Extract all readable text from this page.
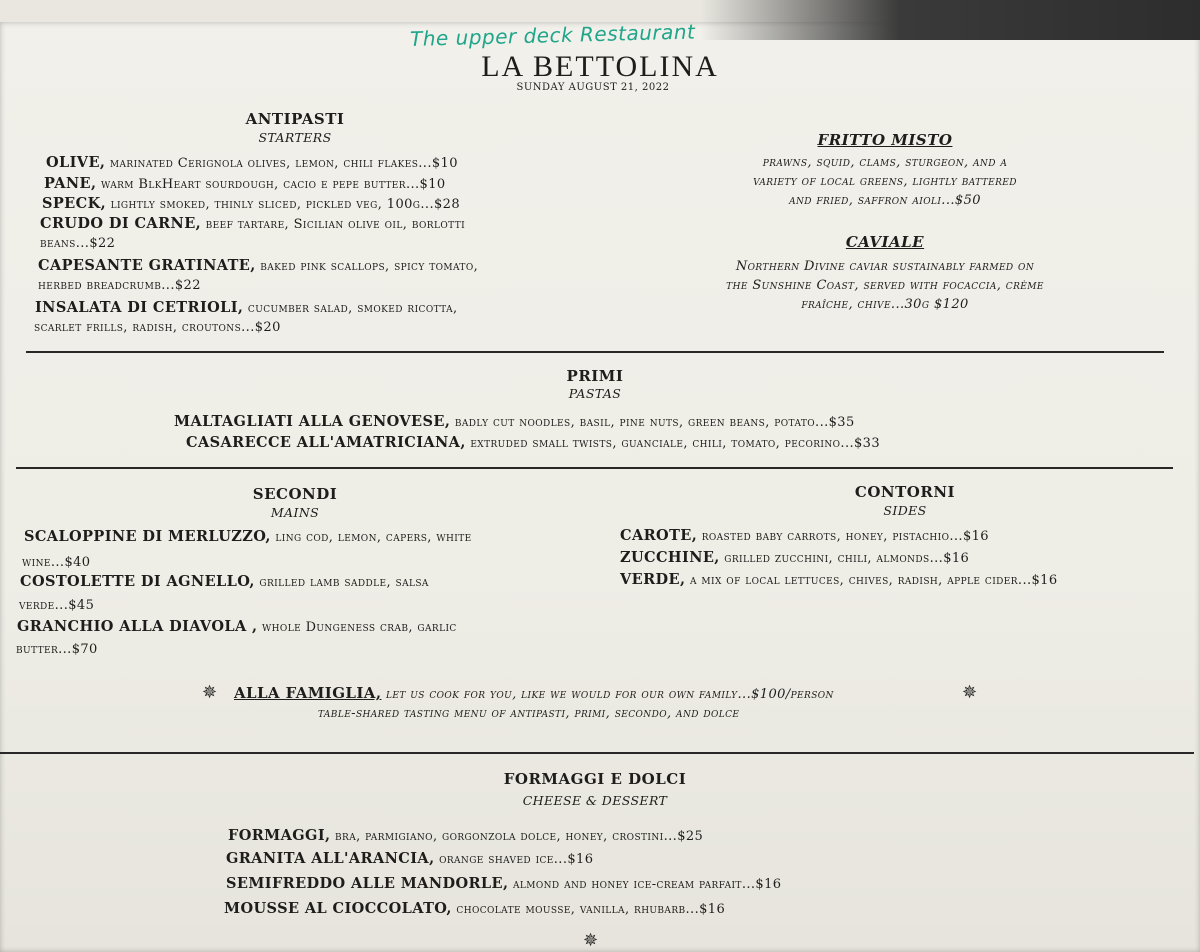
The upper deck Restaurant
LA BETTOLINA
SUNDAY AUGUST 21, 2022
ANTIPASTI
STARTERS
OLIVE, marinated Cerignola olives, lemon, chili flakes...$10
PANE, warm BlkHeart sourdough, cacio e pepe butter...$10
SPECK, lightly smoked, thinly sliced, pickled veg, 100g...$28
CRUDO DI CARNE, beef tartare, Sicilian olive oil, borlotti
beans...$22
CAPESANTE GRATINATE, baked pink scallops, spicy tomato,
herbed breadcrumb...$22
INSALATA DI CETRIOLI, cucumber salad, smoked ricotta,
scarlet frills, radish, croutons...$20
FRITTO MISTO
prawns, squid, clams, sturgeon, and a
variety of local greens, lightly battered
and fried, saffron aioli...$50
CAVIALE
Northern Divine caviar sustainably farmed on
the Sunshine Coast, served with focaccia, crème
fraîche, chive...30g $120
PRIMI
PASTAS
MALTAGLIATI ALLA GENOVESE, badly cut noodles, basil, pine nuts, green beans, potato...$35
CASARECCE ALL'AMATRICIANA, extruded small twists, guanciale, chili, tomato, pecorino...$33
SECONDI
MAINS
SCALOPPINE DI MERLUZZO, ling cod, lemon, capers, white
wine...$40
COSTOLETTE DI AGNELLO, grilled lamb saddle, salsa
verde...$45
GRANCHIO ALLA DIAVOLA , whole Dungeness crab, garlic
butter...$70
CONTORNI
SIDES
CAROTE, roasted baby carrots, honey, pistachio...$16
ZUCCHINE, grilled zucchini, chili, almonds...$16
VERDE, a mix of local lettuces, chives, radish, apple cider...$16
✵ ALLA FAMIGLIA, let us cook for you, like we would for our own family...$100/person	✵
table-shared tasting menu of antipasti, primi, secondo, and dolce
FORMAGGI E DOLCI
CHEESE & DESSERT
FORMAGGI, bra, parmigiano, gorgonzola dolce, honey, crostini...$25
GRANITA ALL'ARANCIA, orange shaved ice...$16
SEMIFREDDO ALLE MANDORLE, almond and honey ice-cream parfait...$16
MOUSSE AL CIOCCOLATO, chocolate mousse, vanilla, rhubarb...$16
✵
